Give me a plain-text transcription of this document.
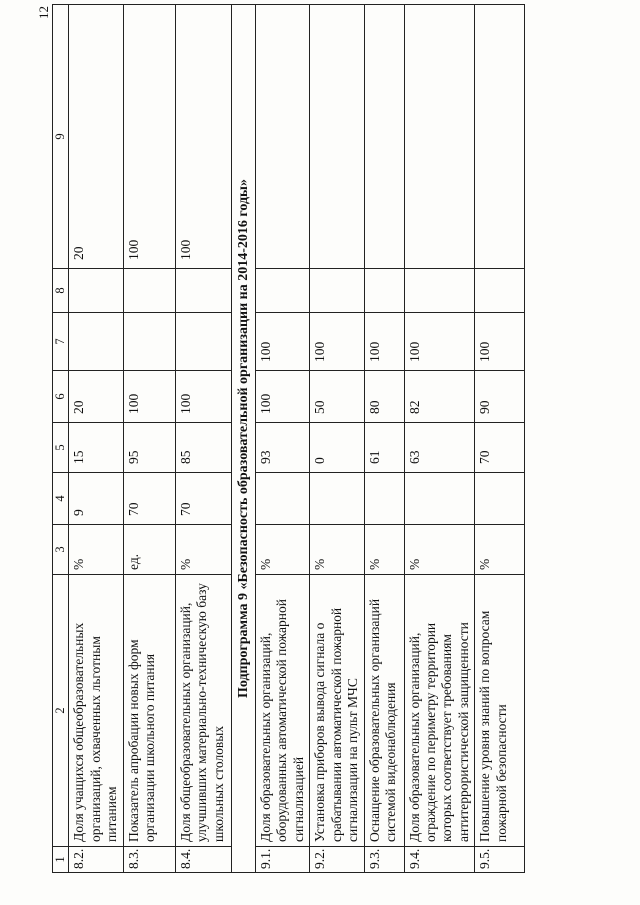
12
1	2	3	4	5	6	7	8	9
8.2.	Доля учащихся общеобразовательных организаций, охваченных льготным питанием	%	9	15	20			20
8.3.	Показатель апробации новых форм организации школьного питания	ед.	70	95	100			100
8.4.	Доля общеобразовательных организаций, улучшивших материально-техническую базу школьных столовых	%	70	85	100			100
Подпрограмма 9 «Безопасность образовательной организации на 2014-2016 годы»								
9.1.	Доля образовательных организаций, оборудованных автоматической пожарной сигнализацией	%		93	100	100		
9.2.	Установка приборов вывода сигнала о срабатывании автоматической пожарной сигнализации на пульт МЧС	%		0	50	100		
9.3.	Оснащение образовательных организаций системой видеонаблюдения	%		61	80	100		
9.4.	Доля образовательных организаций, ограждение по периметру территории которых соответствует требованиям антитеррористической защищенности	%		63	82	100		
9.5.	Повышение уровня знаний по вопросам пожарной безопасности	%		70	90	100		
